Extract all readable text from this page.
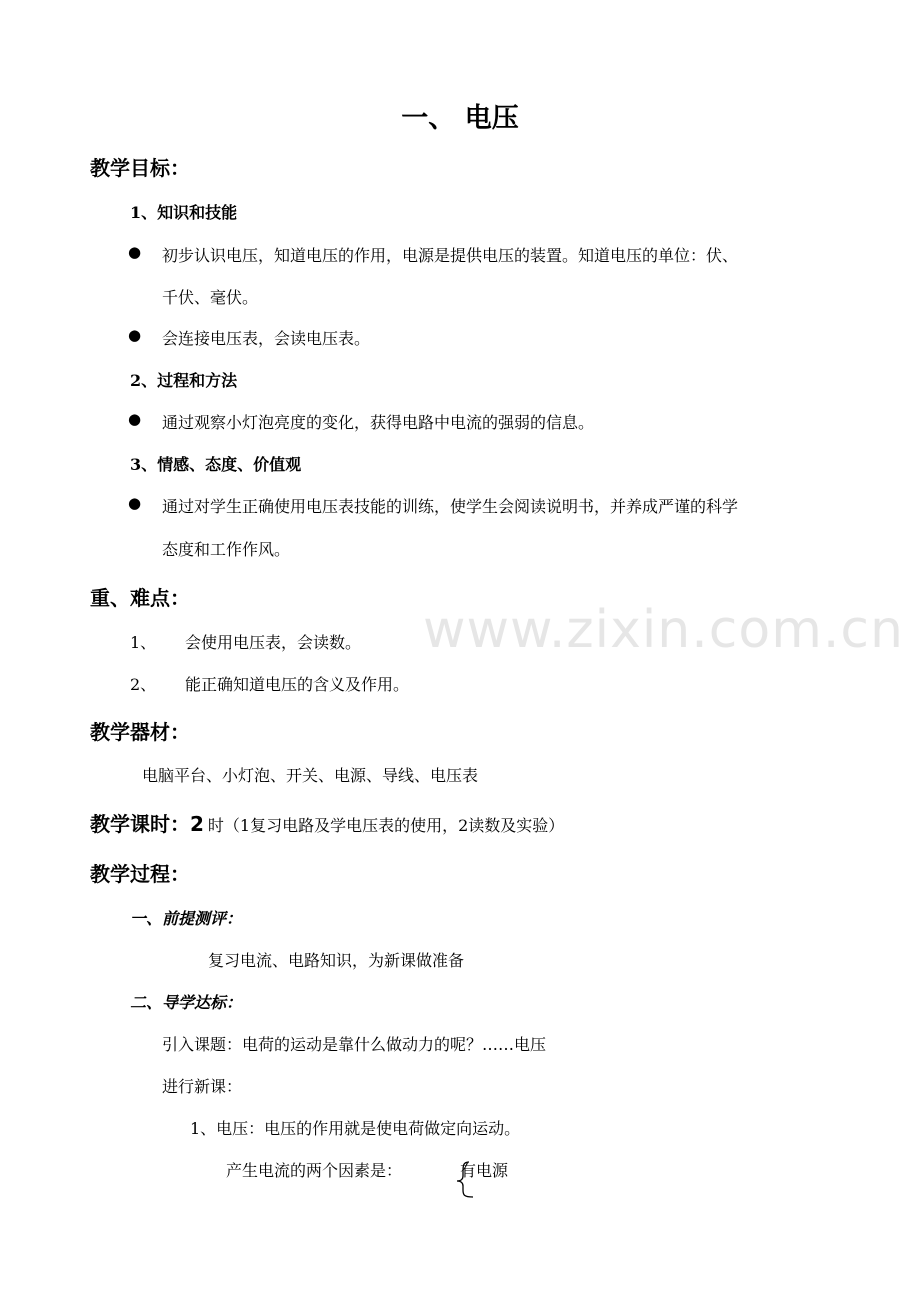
一、 电压
教学目标：
1、知识和技能
● 初步认识电压，知道电压的作用，电源是提供电压的装置。知道电压的单位：伏、
千伏、毫伏。
● 会连接电压表，会读电压表。
2、过程和方法
● 通过观察小灯泡亮度的变化，获得电路中电流的强弱的信息。
3、情感、态度、价值观
● 通过对学生正确使用电压表技能的训练，使学生会阅读说明书，并养成严谨的科学
态度和工作作风。
重、难点：
www.zixin.com.cn
1、 会使用电压表，会读数。
2、 能正确知道电压的含义及作用。
教学器材：
电脑平台、小灯泡、开关、电源、导线、电压表
教学课时：2 时（1复习电路及学电压表的使用，2读数及实验）
教学过程：
一、前提测评：
复习电流、电路知识，为新课做准备
二、导学达标：
引入课题：电荷的运动是靠什么做动力的呢？……电压
进行新课：
1、电压：电压的作用就是使电荷做定向运动。
产生电流的两个因素是：	有电源
